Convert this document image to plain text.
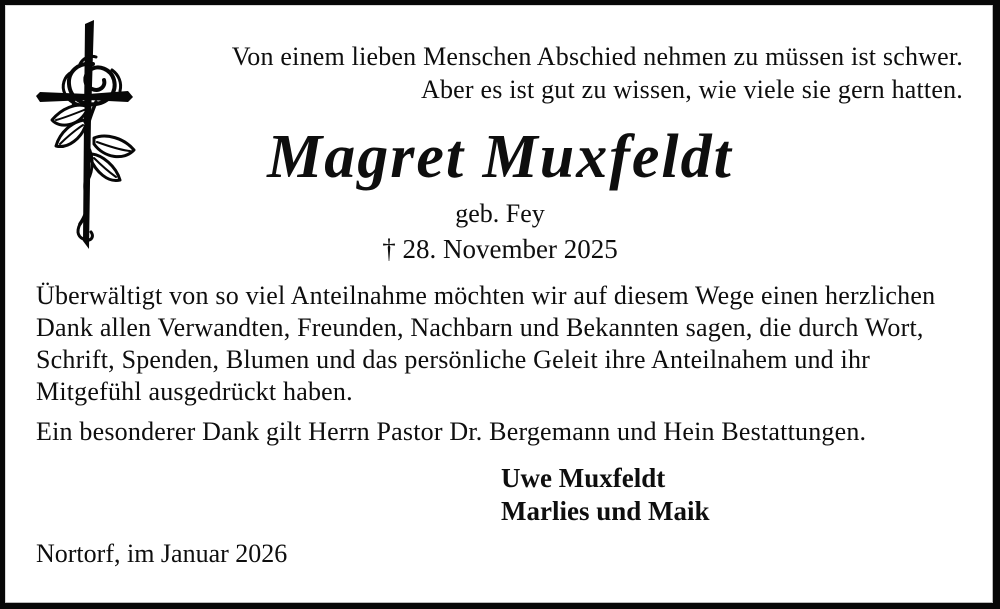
Von einem lieben Menschen Abschied nehmen zu müssen ist schwer.
Aber es ist gut zu wissen, wie viele sie gern hatten.
Magret Muxfeldt
geb. Fey
† 28. November 2025
Überwältigt von so viel Anteilnahme möchten wir auf diesem Wege einen herzlichen
Dank allen Verwandten, Freunden, Nachbarn und Bekannten sagen, die durch Wort,
Schrift, Spenden, Blumen und das persönliche Geleit ihre Anteilnahem und ihr
Mitgefühl ausgedrückt haben.
Ein besonderer Dank gilt Herrn Pastor Dr. Bergemann und Hein Bestattungen.
Uwe Muxfeldt
Marlies und Maik
Nortorf, im Januar 2026
